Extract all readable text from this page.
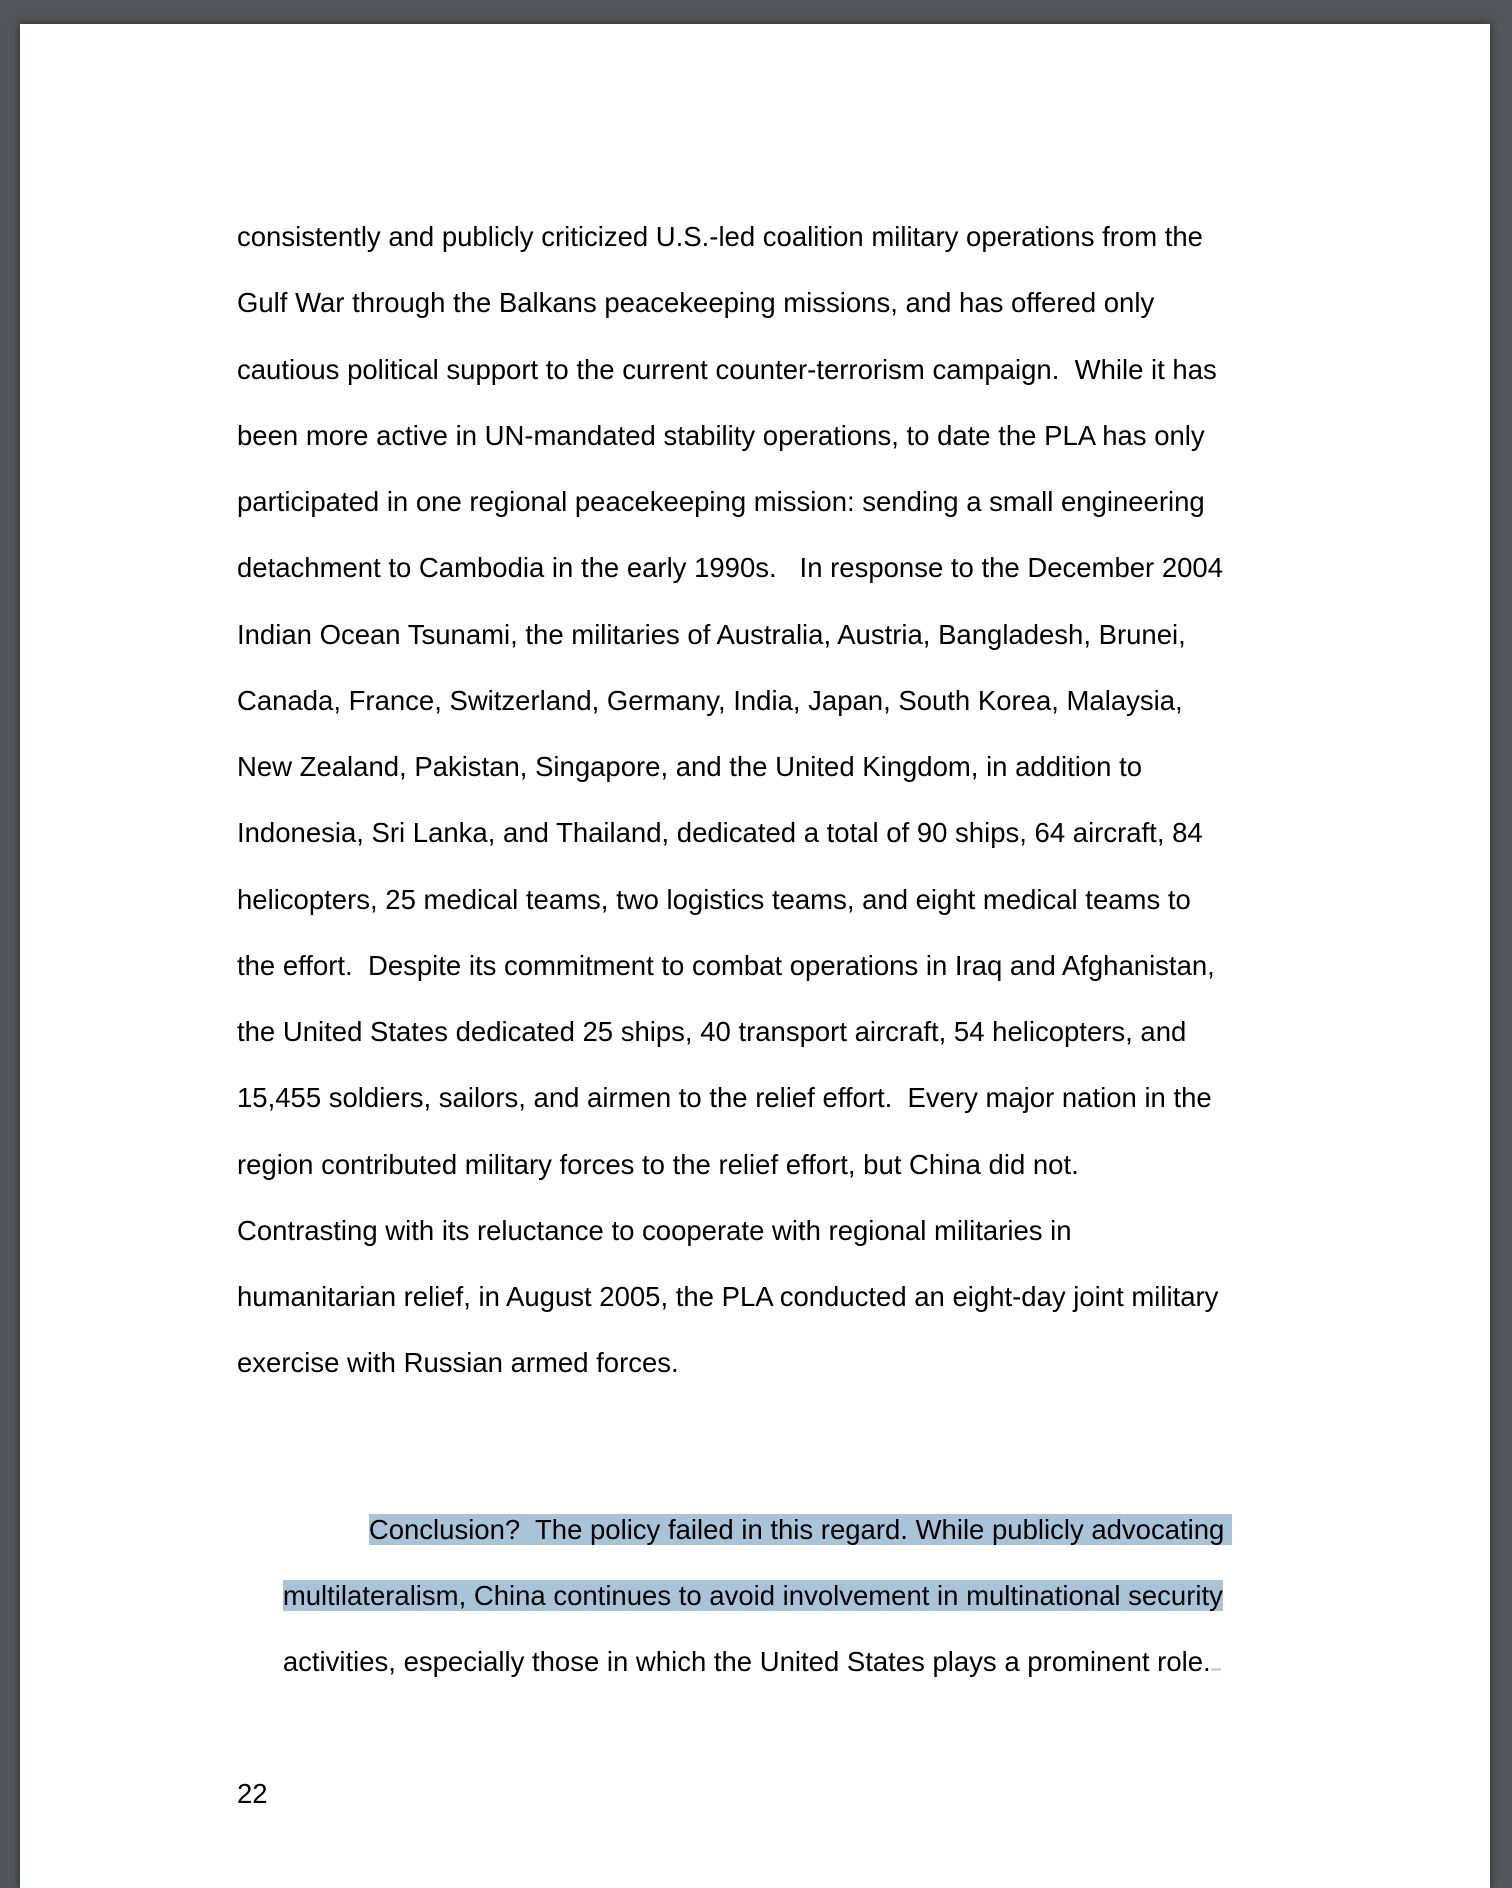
consistently and publicly criticized U.S.-led coalition military operations from the
Gulf War through the Balkans peacekeeping missions, and has offered only
cautious political support to the current counter-terrorism campaign.  While it has
been more active in UN-mandated stability operations, to date the PLA has only
participated in one regional peacekeeping mission: sending a small engineering
detachment to Cambodia in the early 1990s.   In response to the December 2004
Indian Ocean Tsunami, the militaries of Australia, Austria, Bangladesh, Brunei,
Canada, France, Switzerland, Germany, India, Japan, South Korea, Malaysia,
New Zealand, Pakistan, Singapore, and the United Kingdom, in addition to
Indonesia, Sri Lanka, and Thailand, dedicated a total of 90 ships, 64 aircraft, 84
helicopters, 25 medical teams, two logistics teams, and eight medical teams to
the effort.  Despite its commitment to combat operations in Iraq and Afghanistan,
the United States dedicated 25 ships, 40 transport aircraft, 54 helicopters, and
15,455 soldiers, sailors, and airmen to the relief effort.  Every major nation in the
region contributed military forces to the relief effort, but China did not.
Contrasting with its reluctance to cooperate with regional militaries in
humanitarian relief, in August 2005, the PLA conducted an eight-day joint military
exercise with Russian armed forces.

Conclusion?  The policy failed in this regard. While publicly advocating

multilateralism, China continues to avoid involvement in multinational security

activities, especially those in which the United States plays a prominent role.

22
